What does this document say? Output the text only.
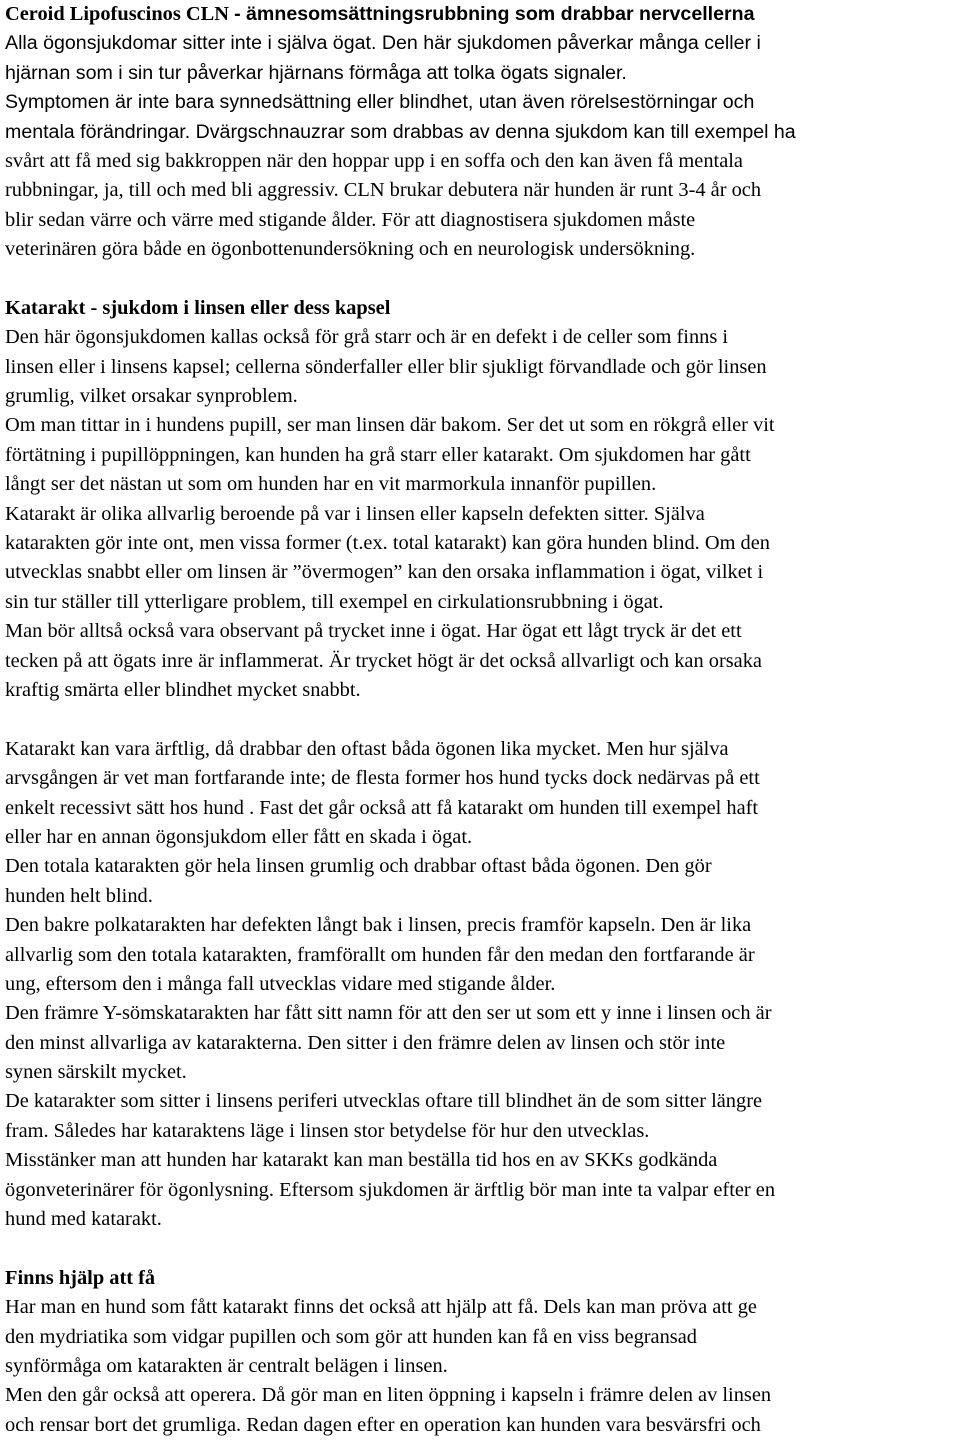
Ceroid Lipofuscinos CLN - ämnesomsättningsrubbning som drabbar nervcellerna
Alla ögonsjukdomar sitter inte i själva ögat. Den här sjukdomen påverkar många celler i
hjärnan som i sin tur påverkar hjärnans förmåga att tolka ögats signaler.
Symptomen är inte bara synnedsättning eller blindhet, utan även rörelsestörningar och
mentala förändringar. Dvärgschnauzrar som drabbas av denna sjukdom kan till exempel ha
svårt att få med sig bakkroppen när den hoppar upp i en soffa och den kan även få mentala
rubbningar, ja, till och med bli aggressiv. CLN brukar debutera när hunden är runt 3-4 år och
blir sedan värre och värre med stigande ålder. För att diagnostisera sjukdomen måste
veterinären göra både en ögonbottenundersökning och en neurologisk undersökning.
Katarakt - sjukdom i linsen eller dess kapsel
Den här ögonsjukdomen kallas också för grå starr och är en defekt i de celler som finns i
linsen eller i linsens kapsel; cellerna sönderfaller eller blir sjukligt förvandlade och gör linsen
grumlig, vilket orsakar synproblem.
Om man tittar in i hundens pupill, ser man linsen där bakom. Ser det ut som en rökgrå eller vit
förtätning i pupillöppningen, kan hunden ha grå starr eller katarakt. Om sjukdomen har gått
långt ser det nästan ut som om hunden har en vit marmorkula innanför pupillen.
Katarakt är olika allvarlig beroende på var i linsen eller kapseln defekten sitter. Själva
katarakten gör inte ont, men vissa former (t.ex. total katarakt) kan göra hunden blind. Om den
utvecklas snabbt eller om linsen är ”övermogen” kan den orsaka inflammation i ögat, vilket i
sin tur ställer till ytterligare problem, till exempel en cirkulationsrubbning i ögat.
Man bör alltså också vara observant på trycket inne i ögat. Har ögat ett lågt tryck är det ett
tecken på att ögats inre är inflammerat. Är trycket högt är det också allvarligt och kan orsaka
kraftig smärta eller blindhet mycket snabbt.
Katarakt kan vara ärftlig, då drabbar den oftast båda ögonen lika mycket. Men hur själva
arvsgången är vet man fortfarande inte; de flesta former hos hund tycks dock nedärvas på ett
enkelt recessivt sätt hos hund . Fast det går också att få katarakt om hunden till exempel haft
eller har en annan ögonsjukdom eller fått en skada i ögat.
Den totala katarakten gör hela linsen grumlig och drabbar oftast båda ögonen. Den gör
hunden helt blind.
Den bakre polkatarakten har defekten långt bak i linsen, precis framför kapseln. Den är lika
allvarlig som den totala katarakten, framförallt om hunden får den medan den fortfarande är
ung, eftersom den i många fall utvecklas vidare med stigande ålder.
Den främre Y-sömskatarakten har fått sitt namn för att den ser ut som ett y inne i linsen och är
den minst allvarliga av katarakterna. Den sitter i den främre delen av linsen och stör inte
synen särskilt mycket.
De katarakter som sitter i linsens periferi utvecklas oftare till blindhet än de som sitter längre
fram. Således har kataraktens läge i linsen stor betydelse för hur den utvecklas.
Misstänker man att hunden har katarakt kan man beställa tid hos en av SKKs godkända
ögonveterinärer för ögonlysning. Eftersom sjukdomen är ärftlig bör man inte ta valpar efter en
hund med katarakt.
Finns hjälp att få
Har man en hund som fått katarakt finns det också att hjälp att få. Dels kan man pröva att ge
den mydriatika som vidgar pupillen och som gör att hunden kan få en viss begransad
synförmåga om katarakten är centralt belägen i linsen.
Men den går också att operera. Då gör man en liten öppning i kapseln i främre delen av linsen
och rensar bort det grumliga. Redan dagen efter en operation kan hunden vara besvärsfri och
